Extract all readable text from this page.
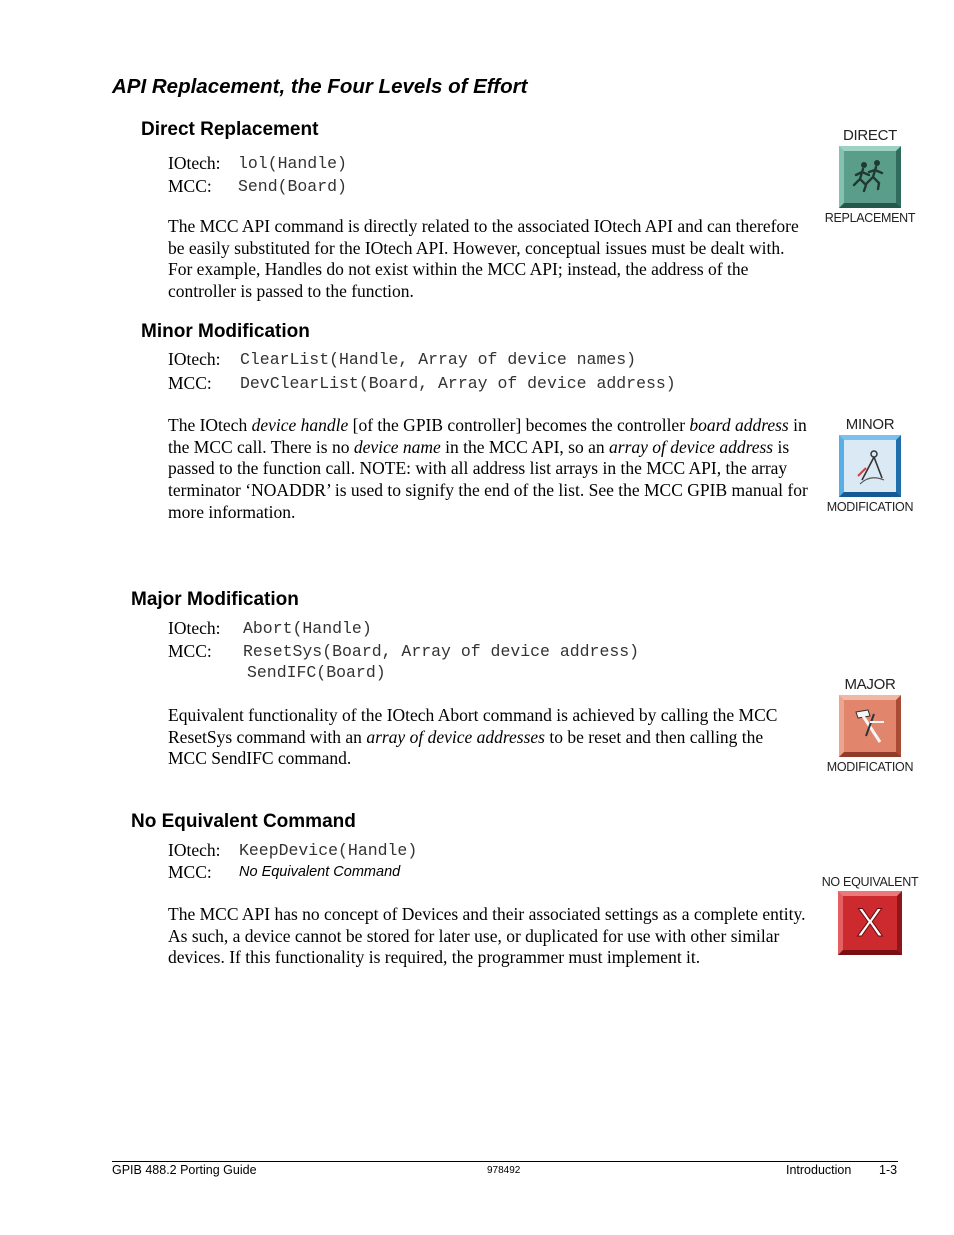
API Replacement, the Four Levels of Effort
Direct Replacement
IOtech: lol(Handle)
MCC: Send(Board)

The MCC API command is directly related to the associated IOtech API and can therefore be easily substituted for the IOtech API. However, conceptual issues must be dealt with. For example, Handles do not exist within the MCC API; instead, the address of the controller is passed to the function.

DIRECT
REPLACEMENT
Minor Modification
IOtech: ClearList(Handle, Array of device names)
MCC: DevClearList(Board, Array of device address)

The IOtech device handle [of the GPIB controller] becomes the controller board address in the MCC call. There is no device name in the MCC API, so an array of device address is passed to the function call. NOTE: with all address list arrays in the MCC API, the array terminator ‘NOADDR’ is used to signify the end of the list. See the MCC GPIB manual for more information.

MINOR
MODIFICATION
Major Modification
IOtech: Abort(Handle)
MCC: ResetSys(Board, Array of device address)
SendIFC(Board)

Equivalent functionality of the IOtech Abort command is achieved by calling the MCC ResetSys command with an array of device addresses to be reset and then calling the MCC SendIFC command.

MAJOR
MODIFICATION
No Equivalent Command
IOtech: KeepDevice(Handle)
MCC: No Equivalent Command

The MCC API has no concept of Devices and their associated settings as a complete entity. As such, a device cannot be stored for later use, or duplicated for use with other similar devices. If this functionality is required, the programmer must implement it.

NO EQUIVALENT
X
GPIB 488.2 Porting Guide	978492	Introduction 1-3
